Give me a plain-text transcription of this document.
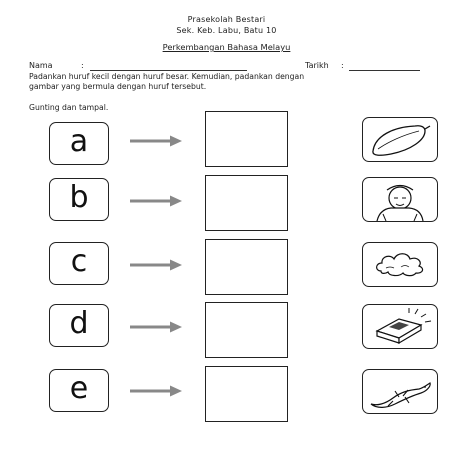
Prasekolah Bestari
Sek. Keb. Labu, Batu 10
Perkembangan Bahasa Melayu
Nama	:	Tarikh :
Padankan huruf kecil dengan huruf besar. Kemudian, padankan dengan
gambar yang bermula dengan huruf tersebut.
Gunting dan tampal.
a
b
c
d
e
